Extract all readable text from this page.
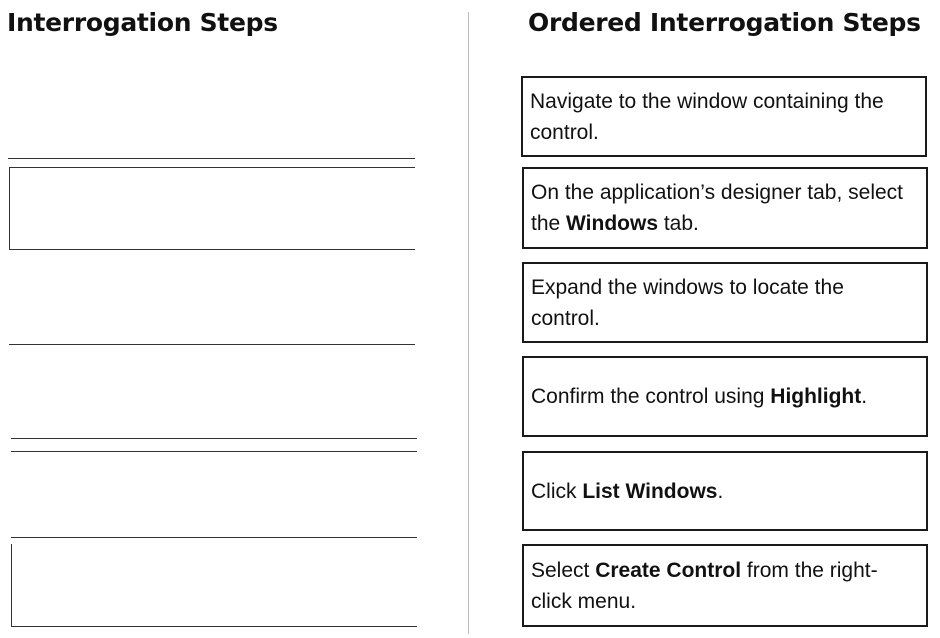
Interrogation Steps	Ordered Interrogation Steps
Navigate to the window containing the control.
On the application’s designer tab, select the Windows tab.
Expand the windows to locate the control.
Confirm the control using Highlight.
Click List Windows.
Select Create Control from the right-click menu.
